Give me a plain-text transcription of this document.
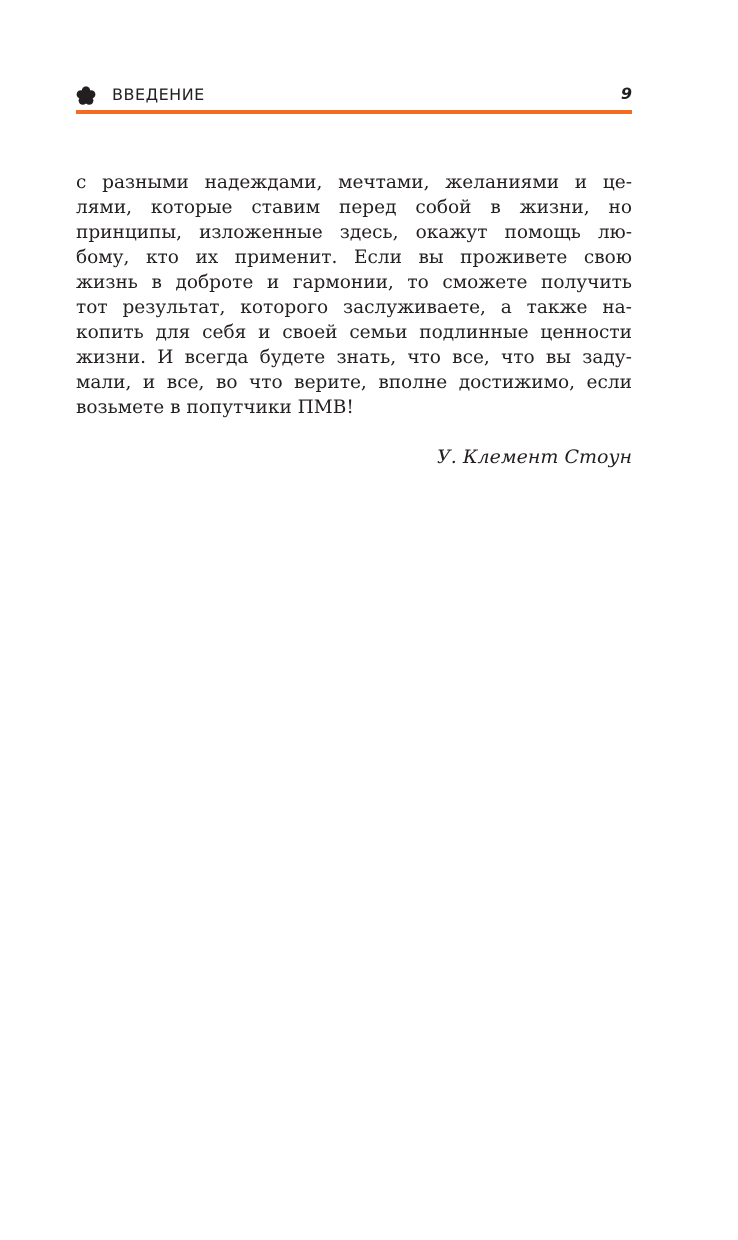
ВВЕДЕНИЕ	9
с разными надеждами, мечтами, желаниями и це-
лями, которые ставим перед собой в жизни, но
принципы, изложенные здесь, окажут помощь лю-
бому, кто их применит. Если вы проживете свою
жизнь в доброте и гармонии, то сможете получить
тот результат, которого заслуживаете, а также на-
копить для себя и своей семьи подлинные ценности
жизни. И всегда будете знать, что все, что вы заду-
мали, и все, во что верите, вполне достижимо, если
возьмете в попутчики ПМВ!
У. Клемент Стоун
